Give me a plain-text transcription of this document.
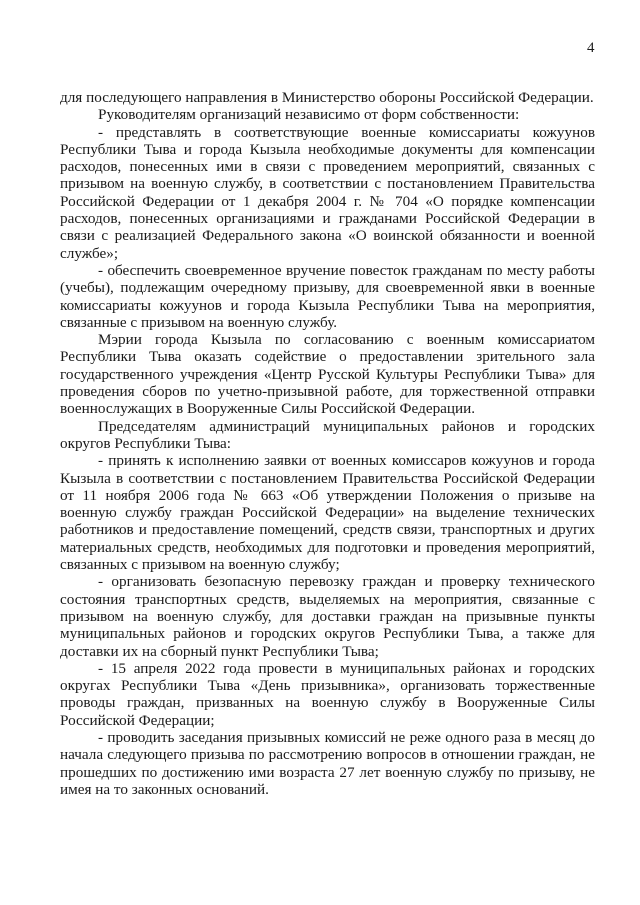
4

для последующего направления в Министерство обороны Российской Федерации.

Руководителям организаций независимо от форм собственности:

- представлять в соответствующие военные комиссариаты кожуунов Республики Тыва и города Кызыла необходимые документы для компенсации расходов, понесенных ими в связи с проведением мероприятий, связанных с призывом на военную службу, в соответствии с постановлением Правительства Российской Федерации от 1 декабря 2004 г. № 704 «О порядке компенсации расходов, понесенных организациями и гражданами Российской Федерации в связи с реализацией Федерального закона «О воинской обязанности и военной службе»;

- обеспечить своевременное вручение повесток гражданам по месту работы (учебы), подлежащим очередному призыву, для своевременной явки в военные комиссариаты кожуунов и города Кызыла Республики Тыва на мероприятия, связанные с призывом на военную службу.

Мэрии города Кызыла по согласованию с военным комиссариатом Республики Тыва оказать содействие о предоставлении зрительного зала государственного учреждения «Центр Русской Культуры Республики Тыва» для проведения сборов по учетно-призывной работе, для торжественной отправки военнослужащих в Вооруженные Силы Российской Федерации.

Председателям администраций муниципальных районов и городских округов Республики Тыва:

- принять к исполнению заявки от военных комиссаров кожуунов и города Кызыла в соответствии с постановлением Правительства Российской Федерации от 11 ноября 2006 года № 663 «Об утверждении Положения о призыве на военную службу граждан Российской Федерации» на выделение технических работников и предоставление помещений, средств связи, транспортных и других материальных средств, необходимых для подготовки и проведения мероприятий, связанных с призывом на военную службу;

- организовать безопасную перевозку граждан и проверку технического состояния транспортных средств, выделяемых на мероприятия, связанные с призывом на военную службу, для доставки граждан на призывные пункты муниципальных районов и городских округов Республики Тыва, а также для доставки их на сборный пункт Республики Тыва;

- 15 апреля 2022 года провести в муниципальных районах и городских округах Республики Тыва «День призывника», организовать торжественные проводы граждан, призванных на военную службу в Вооруженные Силы Российской Федерации;

- проводить заседания призывных комиссий не реже одного раза в месяц до начала следующего призыва по рассмотрению вопросов в отношении граждан, не прошедших по достижению ими возраста 27 лет военную службу по призыву, не имея на то законных оснований.
